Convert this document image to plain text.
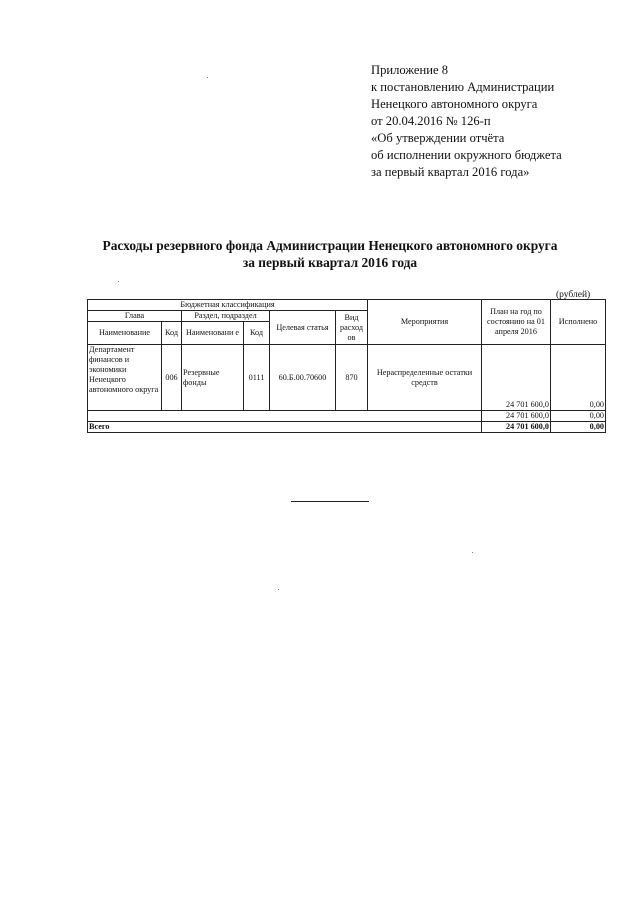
Приложение 8
к постановлению Администрации
Ненецкого автономного округа
от 20.04.2016 № 126-п
«Об утверждении отчёта
об исполнении окружного бюджета
за первый квартал 2016 года»
Расходы резервного фонда Администрации Ненецкого автономного округа
за первый квартал 2016 года
(рублей)
Бюджетная классификация						Мероприятия	План на год по состоянию на 01 апреля 2016	Исполнено
Глава		Раздел, подраздел		Целевая статья	Вид расход ов			
Наименование	Код	Наименовани е	Код					
Департамент финансов и экономики Ненецкого автономного округа	006	Резервные фонды	0111	60.Б.00.70600	870	Нераспределенные остатки средств	24 701 600,0	0,00
							24 701 600,0	0,00
Всего							24 701 600,0	0,00
